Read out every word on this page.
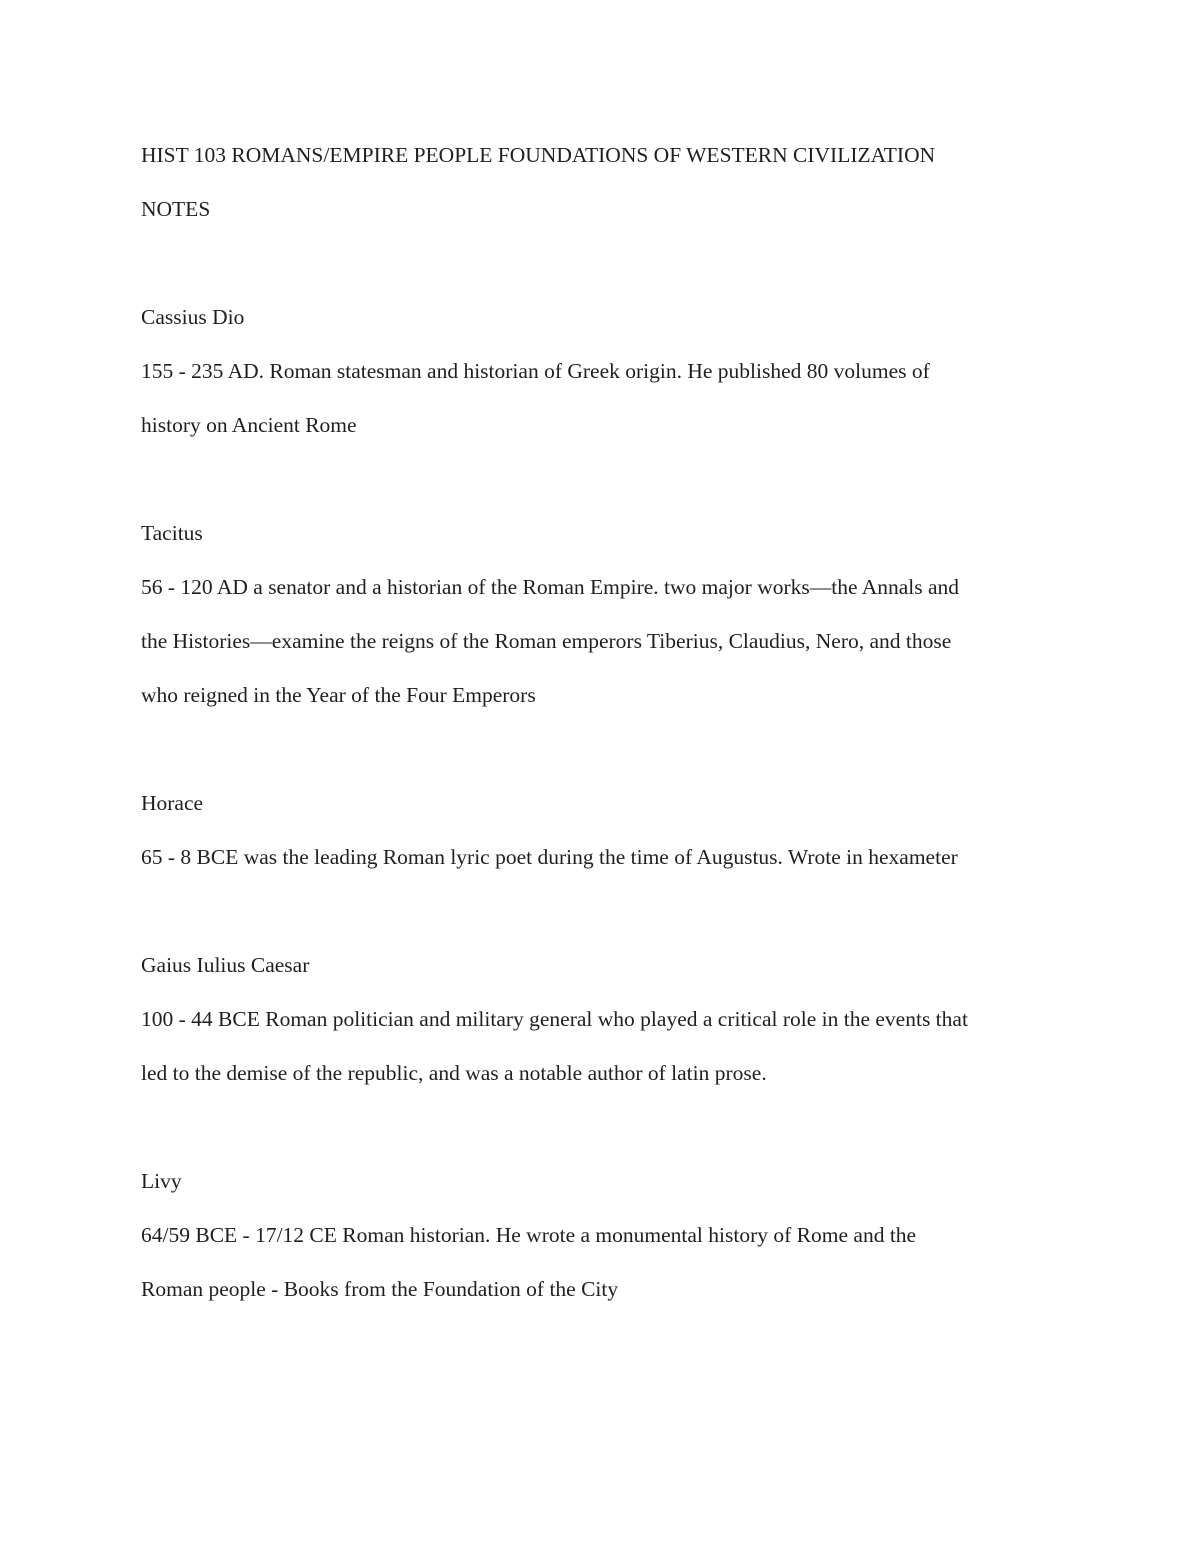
HIST 103 ROMANS/EMPIRE PEOPLE FOUNDATIONS OF WESTERN CIVILIZATION
NOTES
Cassius Dio
155 - 235 AD. Roman statesman and historian of Greek origin. He published 80 volumes of
history on Ancient Rome
Tacitus
56 - 120 AD a senator and a historian of the Roman Empire. two major works—the Annals and
the Histories—examine the reigns of the Roman emperors Tiberius, Claudius, Nero, and those
who reigned in the Year of the Four Emperors
Horace
65 - 8 BCE was the leading Roman lyric poet during the time of Augustus. Wrote in hexameter
Gaius Iulius Caesar
100 - 44 BCE Roman politician and military general who played a critical role in the events that
led to the demise of the republic, and was a notable author of latin prose.
Livy
64/59 BCE - 17/12 CE Roman historian. He wrote a monumental history of Rome and the
Roman people - Books from the Foundation of the City
